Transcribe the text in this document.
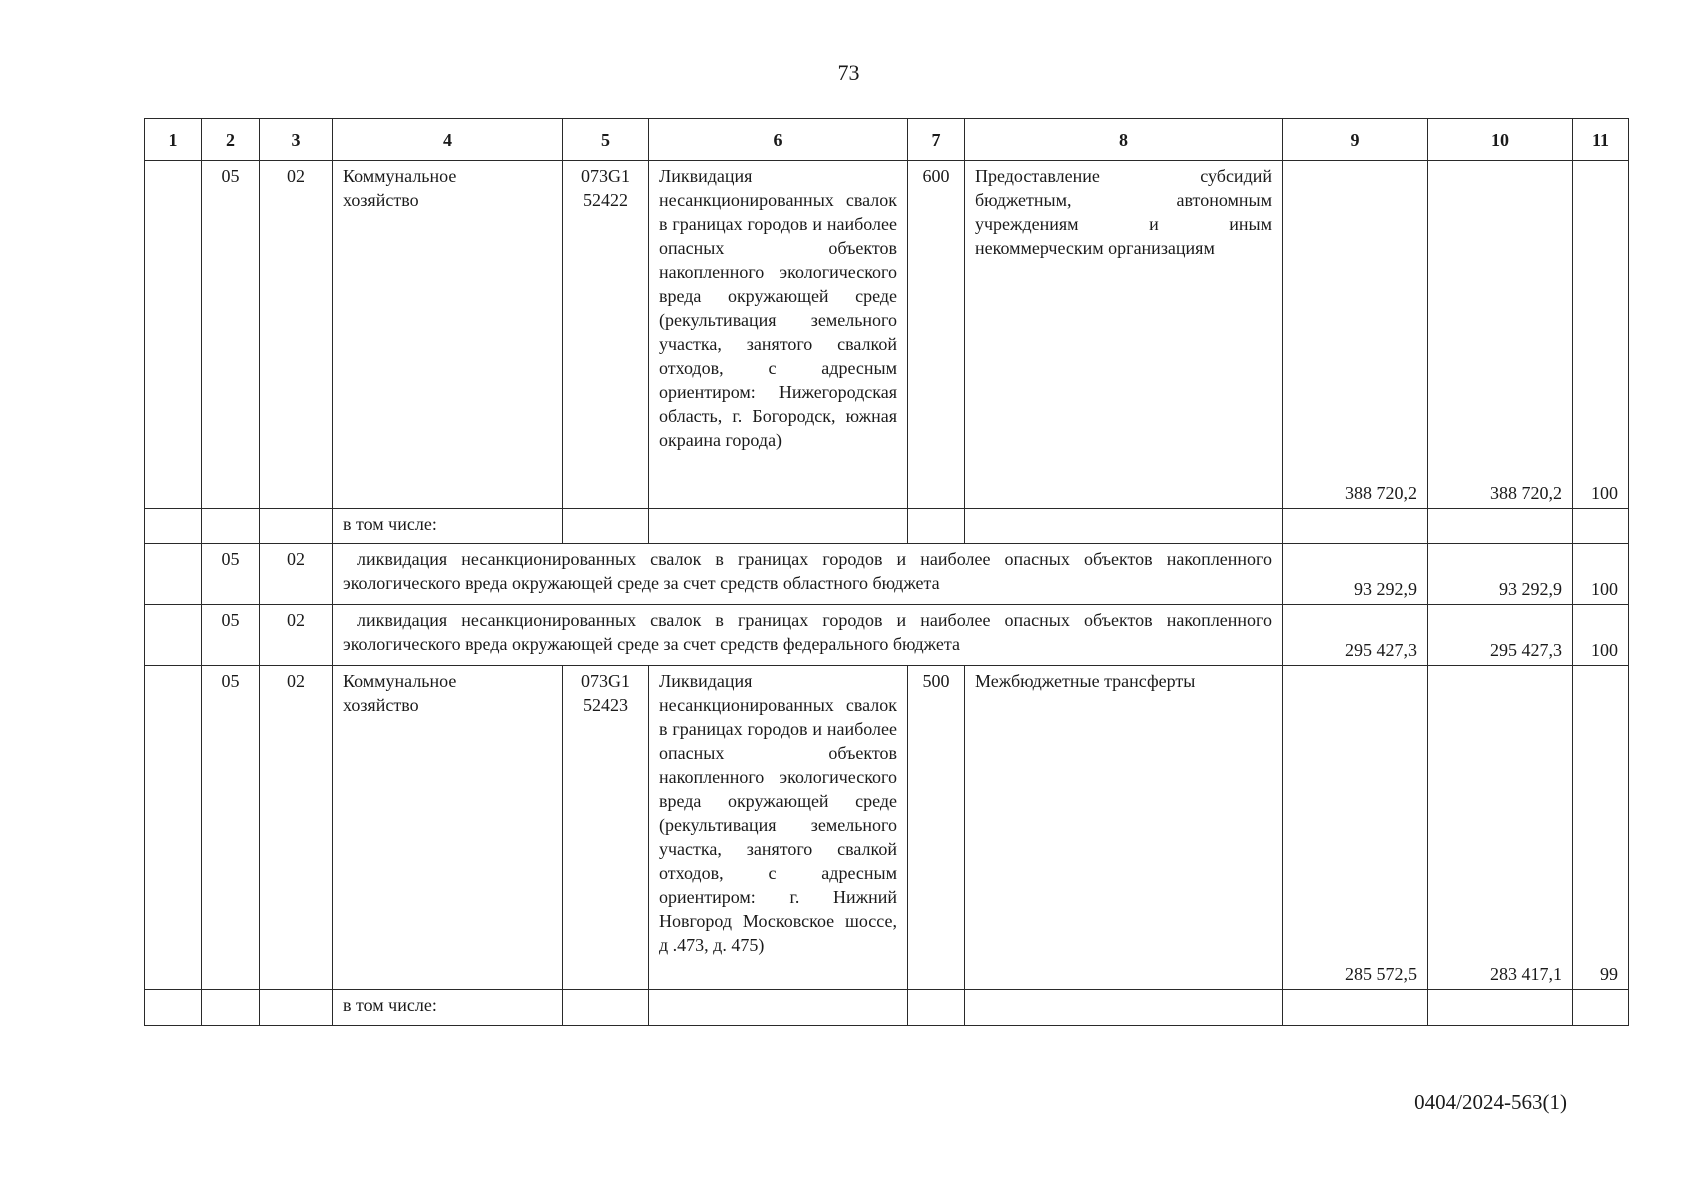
73
1	2	3	4	5	6	7	8	9	10	11
	05	02	Коммунальное хозяйство	073G1 52422	Ликвидация несанкционированных свалок в границах городов и наиболее опасных объектов накопленного экологического вреда окружающей среде (рекультивация земельного участка, занятого свалкой отходов, с адресным ориентиром: Нижегородская область, г. Богородск, южная окраина города)	600	Предоставление субсидий бюджетным, автономным учреждениям и иным некоммерческим организациям	388 720,2	388 720,2	100
			в том числе:							
	05	02	ликвидация несанкционированных свалок в границах городов и наиболее опасных объектов накопленного экологического вреда окружающей среде за счет средств областного бюджета					93 292,9	93 292,9	100
	05	02	ликвидация несанкционированных свалок в границах городов и наиболее опасных объектов накопленного экологического вреда окружающей среде за счет средств федерального бюджета					295 427,3	295 427,3	100
	05	02	Коммунальное хозяйство	073G1 52423	Ликвидация несанкционированных свалок в границах городов и наиболее опасных объектов накопленного экологического вреда окружающей среде (рекультивация земельного участка, занятого свалкой отходов, с адресным ориентиром: г. Нижний Новгород Московское шоссе, д .473, д. 475)	500	Межбюджетные трансферты	285 572,5	283 417,1	99
			в том числе:							
0404/2024-563(1)
